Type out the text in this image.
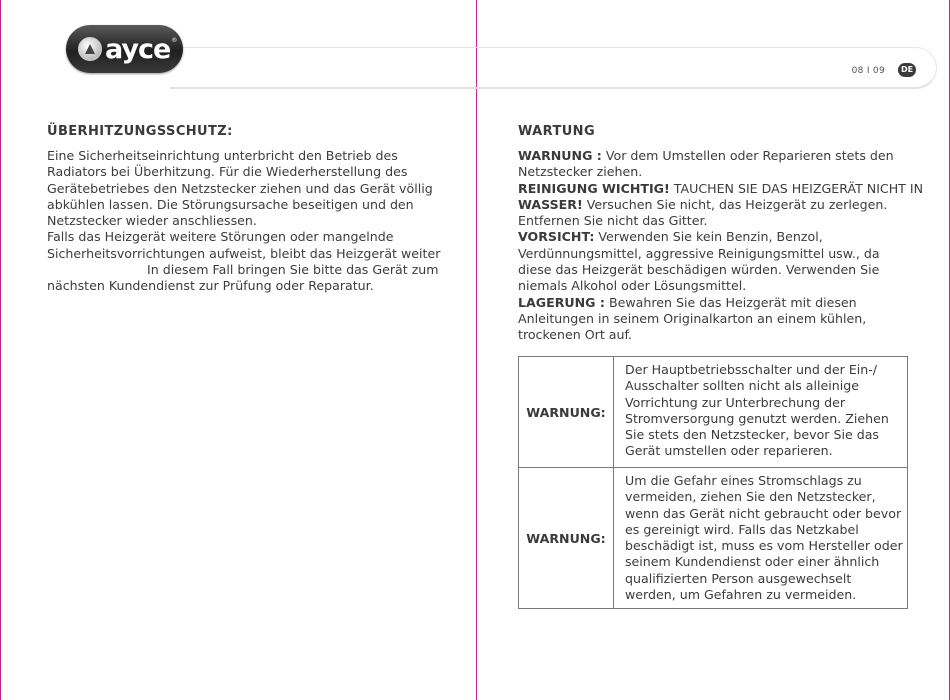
ayce ®
08 I 09	DE
ÜBERHITZUNGSSCHUTZ:

Eine Sicherheitseinrichtung unterbricht den Betrieb des

Radiators bei Überhitzung. Für die Wiederherstellung des

Gerätebetriebes den Netzstecker ziehen und das Gerät völlig

abkühlen lassen. Die Störungsursache beseitigen und den

Netzstecker wieder anschliessen.

Falls das Heizgerät weitere Störungen oder mangelnde

Sicherheitsvorrichtungen aufweist, bleibt das Heizgerät weiter

In diesem Fall bringen Sie bitte das Gerät zum

nächsten Kundendienst zur Prüfung oder Reparatur.

WARTUNG

WARNUNG : Vor dem Umstellen oder Reparieren stets den

Netzstecker ziehen.

REINIGUNG WICHTIG! TAUCHEN SIE DAS HEIZGERÄT NICHT IN

WASSER! Versuchen Sie nicht, das Heizgerät zu zerlegen.

Entfernen Sie nicht das Gitter.

VORSICHT: Verwenden Sie kein Benzin, Benzol,

Verdünnungsmittel, aggressive Reinigungsmittel usw., da

diese das Heizgerät beschädigen würden. Verwenden Sie

niemals Alkohol oder Lösungsmittel.

LAGERUNG : Bewahren Sie das Heizgerät mit diesen

Anleitungen in seinem Originalkarton an einem kühlen,

trockenen Ort auf.

WARNUNG:

Der Hauptbetriebsschalter und der Ein-/

Ausschalter sollten nicht als alleinige

Vorrichtung zur Unterbrechung der

Stromversorgung genutzt werden. Ziehen

Sie stets den Netzstecker, bevor Sie das

Gerät umstellen oder reparieren.

WARNUNG:

Um die Gefahr eines Stromschlags zu

vermeiden, ziehen Sie den Netzstecker,

wenn das Gerät nicht gebraucht oder bevor

es gereinigt wird. Falls das Netzkabel

beschädigt ist, muss es vom Hersteller oder

seinem Kundendienst oder einer ähnlich

qualifizierten Person ausgewechselt

werden, um Gefahren zu vermeiden.
